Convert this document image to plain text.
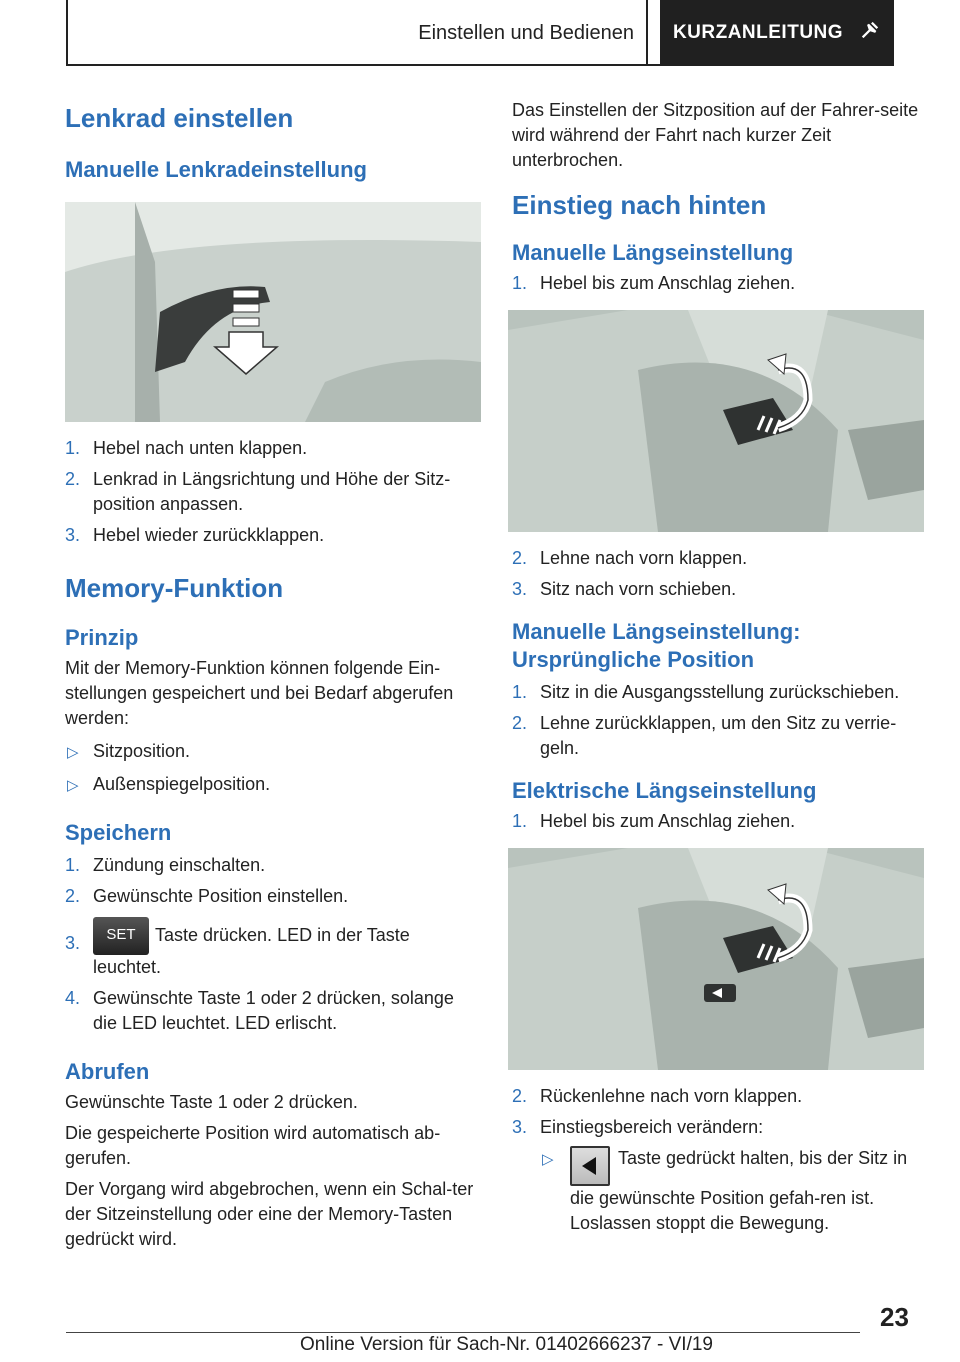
Einstellen und Bedienen	KURZANLEITUNG
Lenkrad einstellen
Manuelle Lenkradeinstellung
1. Hebel nach unten klappen.
2. Lenkrad in Längsrichtung und Höhe der Sitz-position anpassen.
3. Hebel wieder zurückklappen.
Memory-Funktion
Prinzip
Mit der Memory-Funktion können folgende Ein-stellungen gespeichert und bei Bedarf abgerufen werden:
▷ Sitzposition.
▷ Außenspiegelposition.
Speichern
1. Zündung einschalten.
2. Gewünschte Position einstellen.
3.	SET Taste drücken. LED in der Taste leuchtet.
4. Gewünschte Taste 1 oder 2 drücken, solange die LED leuchtet. LED erlischt.
Abrufen
Gewünschte Taste 1 oder 2 drücken.
Die gespeicherte Position wird automatisch ab-gerufen.
Der Vorgang wird abgebrochen, wenn ein Schal-ter der Sitzeinstellung oder eine der Memory-Tasten gedrückt wird.
Das Einstellen der Sitzposition auf der Fahrer-seite wird während der Fahrt nach kurzer Zeit unterbrochen.
Einstieg nach hinten
Manuelle Längseinstellung
1. Hebel bis zum Anschlag ziehen.
2. Lehne nach vorn klappen.
3. Sitz nach vorn schieben.
Manuelle Längseinstellung: Ursprüngliche Position
1. Sitz in die Ausgangsstellung zurückschieben.
2. Lehne zurückklappen, um den Sitz zu verrie-geln.
Elektrische Längseinstellung
1. Hebel bis zum Anschlag ziehen.
2. Rückenlehne nach vorn klappen.
3. Einstiegsbereich verändern:
▷	Taste gedrückt halten, bis der Sitz in die gewünschte Position gefah-ren ist. Loslassen stoppt die Bewegung.
23
Online Version für Sach-Nr. 01402666237 - VI/19
